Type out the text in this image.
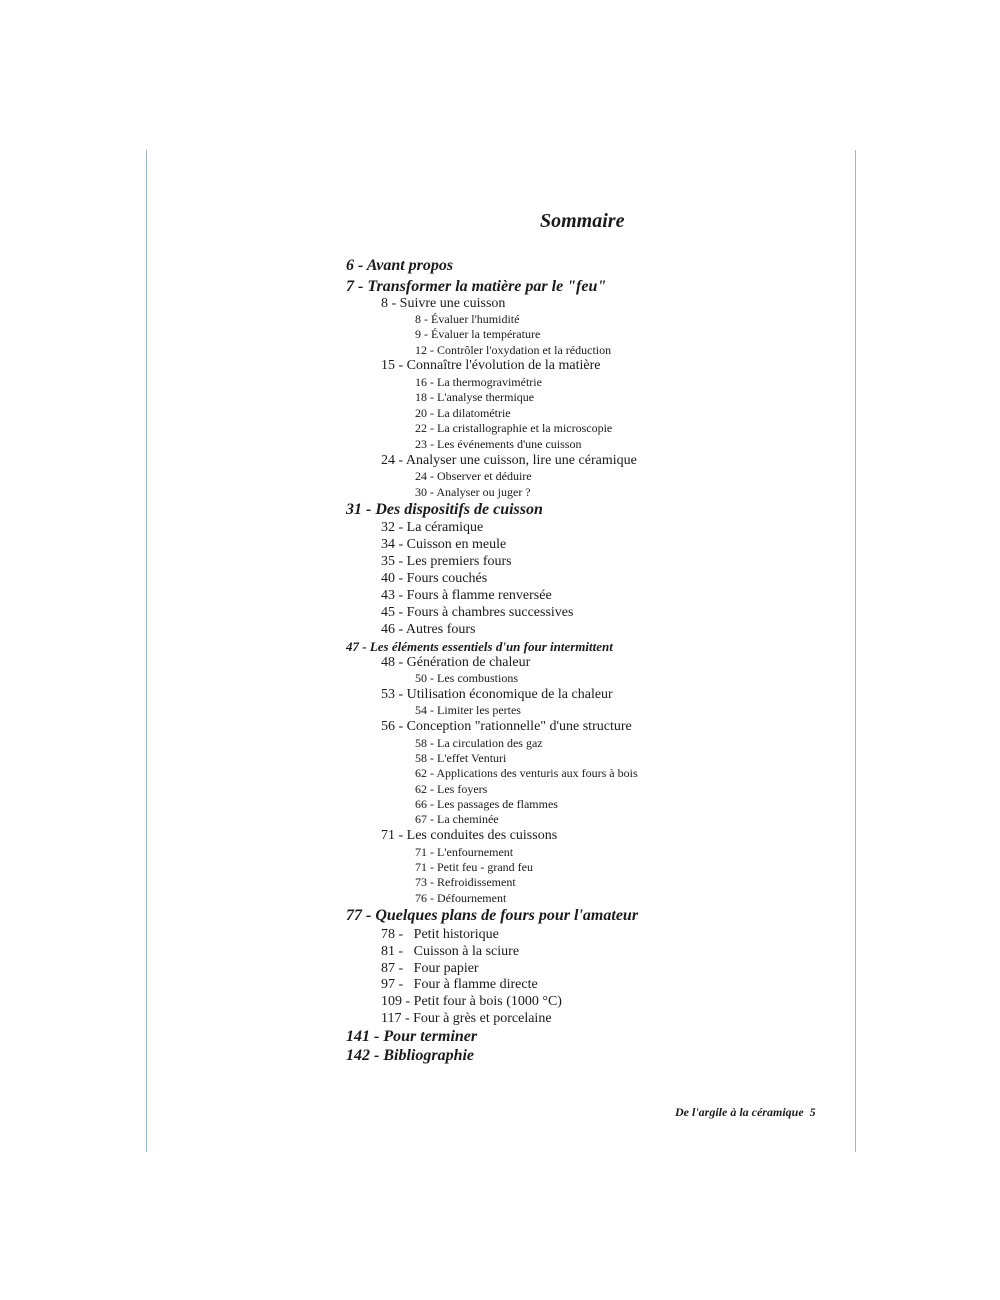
Sommaire
6 - Avant propos
7 - Transformer la matière par le "feu"
8 - Suivre une cuisson
8 - Évaluer l'humidité
9 - Évaluer la température
12 - Contrôler l'oxydation et la réduction
15 - Connaître l'évolution de la matière
16 - La thermogravimétrie
18 - L'analyse thermique
20 - La dilatométrie
22 - La cristallographie et la microscopie
23 - Les événements d'une cuisson
24 - Analyser une cuisson, lire une céramique
24 - Observer et déduire
30 - Analyser ou juger ?
31 - Des dispositifs de cuisson
32 - La céramique
34 - Cuisson en meule
35 - Les premiers fours
40 - Fours couchés
43 - Fours à flamme renversée
45 - Fours à chambres successives
46 - Autres fours
47 - Les éléments essentiels d'un four intermittent
48 - Génération de chaleur
50 - Les combustions
53 - Utilisation économique de la chaleur
54 - Limiter les pertes
56 - Conception "rationnelle" d'une structure
58 - La circulation des gaz
58 - L'effet Venturi
62 - Applications des venturis aux fours à bois
62 - Les foyers
66 - Les passages de flammes
67 - La cheminée
71 - Les conduites des cuissons
71 - L'enfournement
71 - Petit feu - grand feu
73 - Refroidissement
76 - Défournement
77 - Quelques plans de fours pour l'amateur
78 -   Petit historique
81 -   Cuisson à la sciure
87 -   Four papier
97 -   Four à flamme directe
109 - Petit four à bois (1000 °C)
117 - Four à grès et porcelaine
141 - Pour terminer
142 - Bibliographie
De l'argile à la céramique 5
